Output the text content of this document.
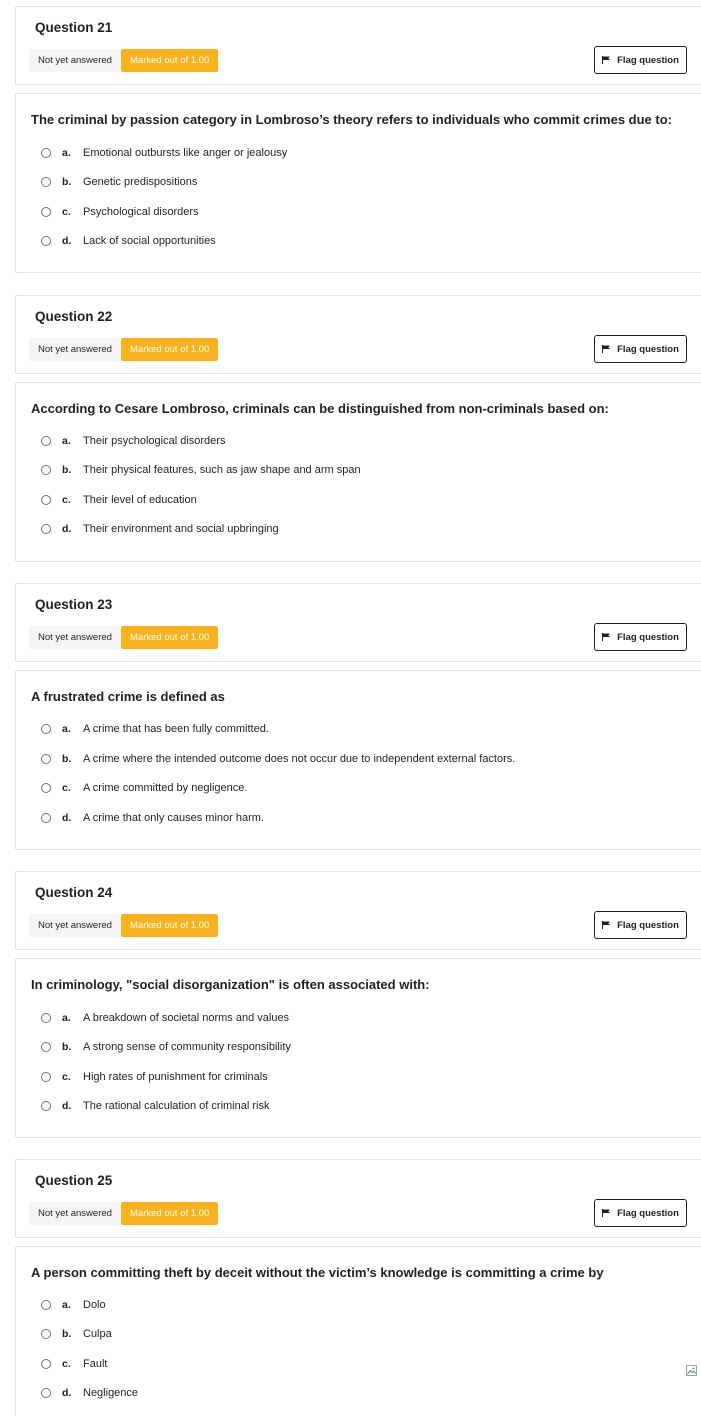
Question 21
Not yet answered	Marked out of 1.00	Flag question
The criminal by passion category in Lombroso’s theory refers to individuals who commit crimes due to:
a.	Emotional outbursts like anger or jealousy
b.	Genetic predispositions
c.	Psychological disorders
d.	Lack of social opportunities
Question 22
Not yet answered	Marked out of 1.00	Flag question
According to Cesare Lombroso, criminals can be distinguished from non-criminals based on:
a.	Their psychological disorders
b.	Their physical features, such as jaw shape and arm span
c.	Their level of education
d.	Their environment and social upbringing
Question 23
Not yet answered	Marked out of 1.00	Flag question
A frustrated crime is defined as
a.	A crime that has been fully committed.
b.	A crime where the intended outcome does not occur due to independent external factors.
c.	A crime committed by negligence.
d.	A crime that only causes minor harm.
Question 24
Not yet answered	Marked out of 1.00	Flag question
In criminology, "social disorganization" is often associated with:
a.	A breakdown of societal norms and values
b.	A strong sense of community responsibility
c.	High rates of punishment for criminals
d.	The rational calculation of criminal risk
Question 25
Not yet answered	Marked out of 1.00	Flag question
A person committing theft by deceit without the victim’s knowledge is committing a crime by
a.	Dolo
b.	Culpa
c.	Fault
d.	Negligence
